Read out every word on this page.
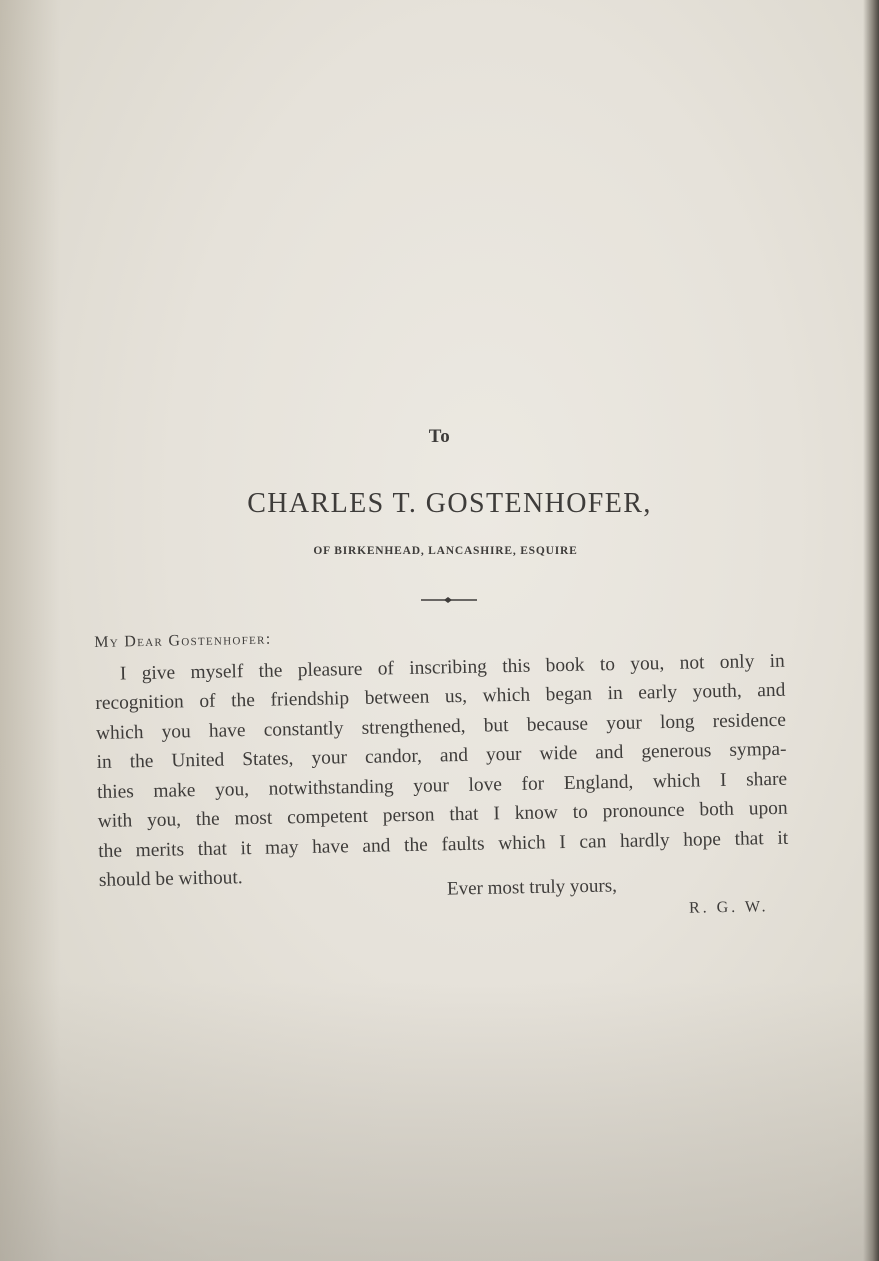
To
CHARLES T. GOSTENHOFER,
OF BIRKENHEAD, LANCASHIRE, ESQUIRE
My Dear Gostenhofer:
I give myself the pleasure of inscribing this book to you, not only in
recognition of the friendship between us, which began in early youth, and
which you have constantly strengthened, but because your long residence
in the United States, your candor, and your wide and generous sympa-
thies make you, notwithstanding your love for England, which I share
with you, the most competent person that I know to pronounce both upon
the merits that it may have and the faults which I can hardly hope that it
should be without.	Ever most truly yours,
R. G. W.
